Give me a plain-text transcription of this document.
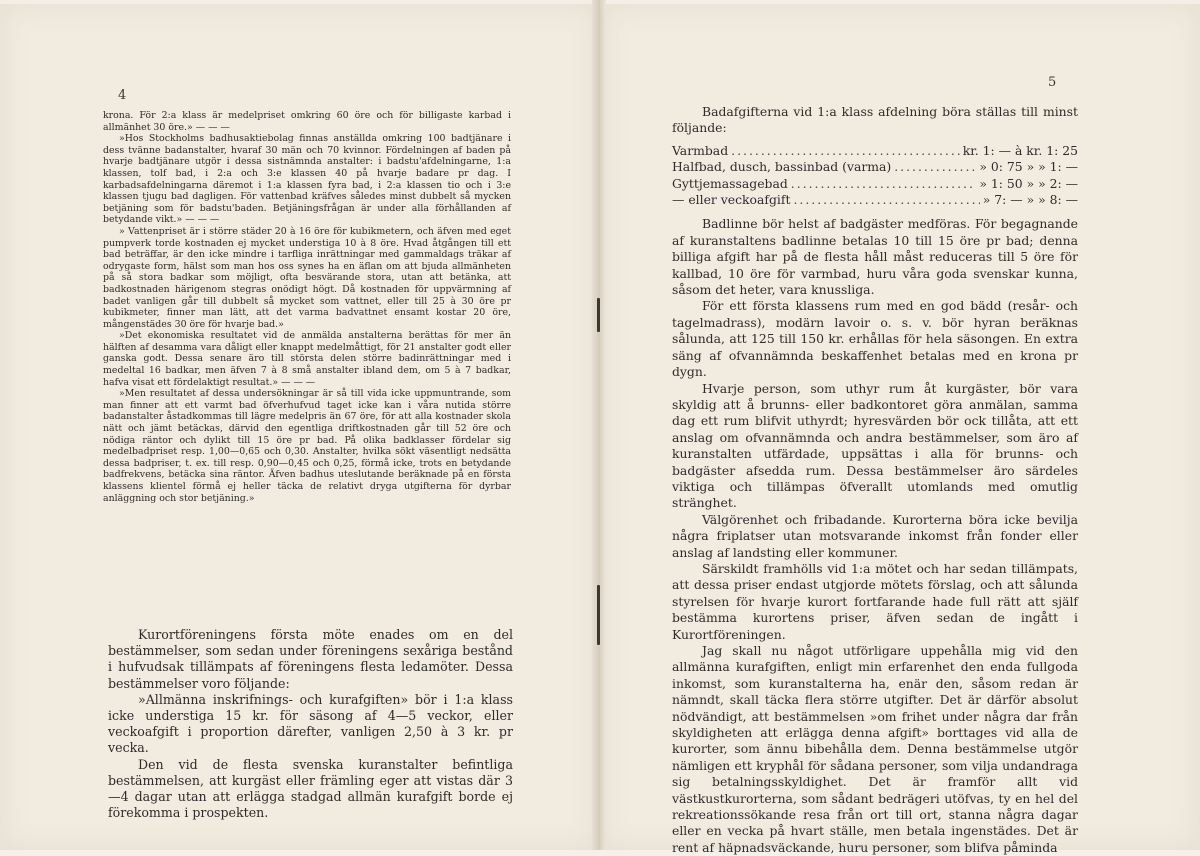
4
5

krona. För 2:a klass är medelpriset omkring 60 öre och för billigaste karbad i allmänhet 30 öre.» — — —

»Hos Stockholms badhusaktiebolag finnas anställda omkring 100 badtjänare i dess tvänne badanstalter, hvaraf 30 män och 70 kvinnor. Fördelningen af baden på hvarje badtjänare utgör i dessa sistnämnda anstalter: i badstu'afdelningarne, 1:a klassen, tolf bad, i 2:a och 3:e klassen 40 på hvarje badare pr dag. I karbadsafdelningarna däremot i 1:a klassen fyra bad, i 2:a klassen tio och i 3:e klassen tjugu bad dagligen. För vattenbad kräfves således minst dubbelt så mycken betjäning som för badstu'baden. Betjäningsfrågan är under alla förhållanden af betydande vikt.» — — —

» Vattenpriset är i större städer 20 à 16 öre för kubikmetern, och äfven med eget pumpverk torde kostnaden ej mycket understiga 10 à 8 öre. Hvad åtgången till ett bad beträffar, är den icke mindre i tarfliga inrättningar med gammaldags träkar af odrygaste form, hälst som man hos oss synes ha en äflan om att bjuda allmänheten på så stora badkar som möjligt, ofta besvärande stora, utan att betänka, att badkostnaden härigenom stegras onödigt högt. Då kostnaden för uppvärmning af badet vanligen går till dubbelt så mycket som vattnet, eller till 25 à 30 öre pr kubikmeter, finner man lätt, att det varma badvattnet ensamt kostar 20 öre, mångenstädes 30 öre för hvarje bad.»

»Det ekonomiska resultatet vid de anmälda anstalterna berättas för mer än hälften af desamma vara dåligt eller knappt medelmåttigt, för 21 anstalter godt eller ganska godt. Dessa senare äro till största delen större badinrättningar med i medeltal 16 badkar, men äfven 7 à 8 små anstalter ibland dem, om 5 à 7 badkar, hafva visat ett fördelaktigt resultat.» — — —

»Men resultatet af dessa undersökningar är så till vida icke uppmuntrande, som man finner att ett varmt bad öfverhufvud taget icke kan i våra nutida större badanstalter åstadkommas till lägre medelpris än 67 öre, för att alla kostnader skola nätt och jämt betäckas, därvid den egentliga driftkostnaden går till 52 öre och nödiga räntor och dylikt till 15 öre pr bad. På olika badklasser fördelar sig medelbadpriset resp. 1,00—0,65 och 0,30. Anstalter, hvilka sökt väsentligt nedsätta dessa badpriser, t. ex. till resp. 0,90—0,45 och 0,25, förmå icke, trots en betydande badfrekvens, betäcka sina räntor. Äfven badhus uteslutande beräknade på en första klassens klientel förmå ej heller täcka de relativt dryga utgifterna för dyrbar anläggning och stor betjäning.»

Kurortföreningens första möte enades om en del bestämmelser, som sedan under föreningens sexåriga bestånd i hufvudsak tillämpats af föreningens flesta ledamöter. Dessa bestämmelser voro följande:

»Allmänna inskrifnings- och kurafgiften» bör i 1:a klass icke understiga 15 kr. för säsong af 4—5 veckor, eller veckoafgift i proportion därefter, vanligen 2,50 à 3 kr. pr vecka.

Den vid de flesta svenska kuranstalter befintliga bestämmelsen, att kurgäst eller främling eger att vistas där 3—4 dagar utan att erlägga stadgad allmän kurafgift borde ej förekomma i prospekten.

Badafgifterna vid 1:a klass afdelning böra ställas till minst följande:

Varmbad .....	kr. 1: — à kr. 1: 25
Halfbad, dusch, bassinbad (varma) .....	» 0: 75 » » 1: —
Gyttjemassagebad .....	» 1: 50 » » 2: —
— eller veckoafgift .....	» 7: — » » 8: —

Badlinne bör helst af badgäster medföras. För begagnande af kuranstaltens badlinne betalas 10 till 15 öre pr bad; denna billiga afgift har på de flesta håll måst reduceras till 5 öre för kallbad, 10 öre för varmbad, huru våra goda svenskar kunna, såsom det heter, vara knussliga.

För ett första klassens rum med en god bädd (resår- och tagelmadrass), modärn lavoir o. s. v. bör hyran beräknas sålunda, att 125 till 150 kr. erhållas för hela säsongen. En extra säng af ofvannämnda beskaffenhet betalas med en krona pr dygn.

Hvarje person, som uthyr rum åt kurgäster, bör vara skyldig att å brunns- eller badkontoret göra anmälan, samma dag ett rum blifvit uthyrdt; hyresvärden bör ock tillåta, att ett anslag om ofvannämnda och andra bestämmelser, som äro af kuranstalten utfärdade, uppsättas i alla för brunns- och badgäster afsedda rum. Dessa bestämmelser äro särdeles viktiga och tillämpas öfverallt utomlands med omutlig stränghet.

Välgörenhet och fribadande. Kurorterna böra icke bevilja några friplatser utan motsvarande inkomst från fonder eller anslag af landsting eller kommuner.

Särskildt framhölls vid 1:a mötet och har sedan tillämpats, att dessa priser endast utgjorde mötets förslag, och att sålunda styrelsen för hvarje kurort fortfarande hade full rätt att själf bestämma kurortens priser, äfven sedan de ingått i Kurortföreningen.

Jag skall nu något utförligare uppehålla mig vid den allmänna kurafgiften, enligt min erfarenhet den enda fullgoda inkomst, som kuranstalterna ha, enär den, såsom redan är nämndt, skall täcka flera större utgifter. Det är därför absolut nödvändigt, att bestämmelsen »om frihet under några dar från skyldigheten att erlägga denna afgift» borttages vid alla de kurorter, som ännu bibehålla dem. Denna bestämmelse utgör nämligen ett kryphål för sådana personer, som vilja undandraga sig betalningsskyldighet. Det är framför allt vid västkustkurorterna, som sådant bedrägeri utöfvas, ty en hel del rekreationssökande resa från ort till ort, stanna några dagar eller en vecka på hvart ställe, men betala ingenstädes. Det är rent af häpnadsväckande, huru personer, som blifva påminda
